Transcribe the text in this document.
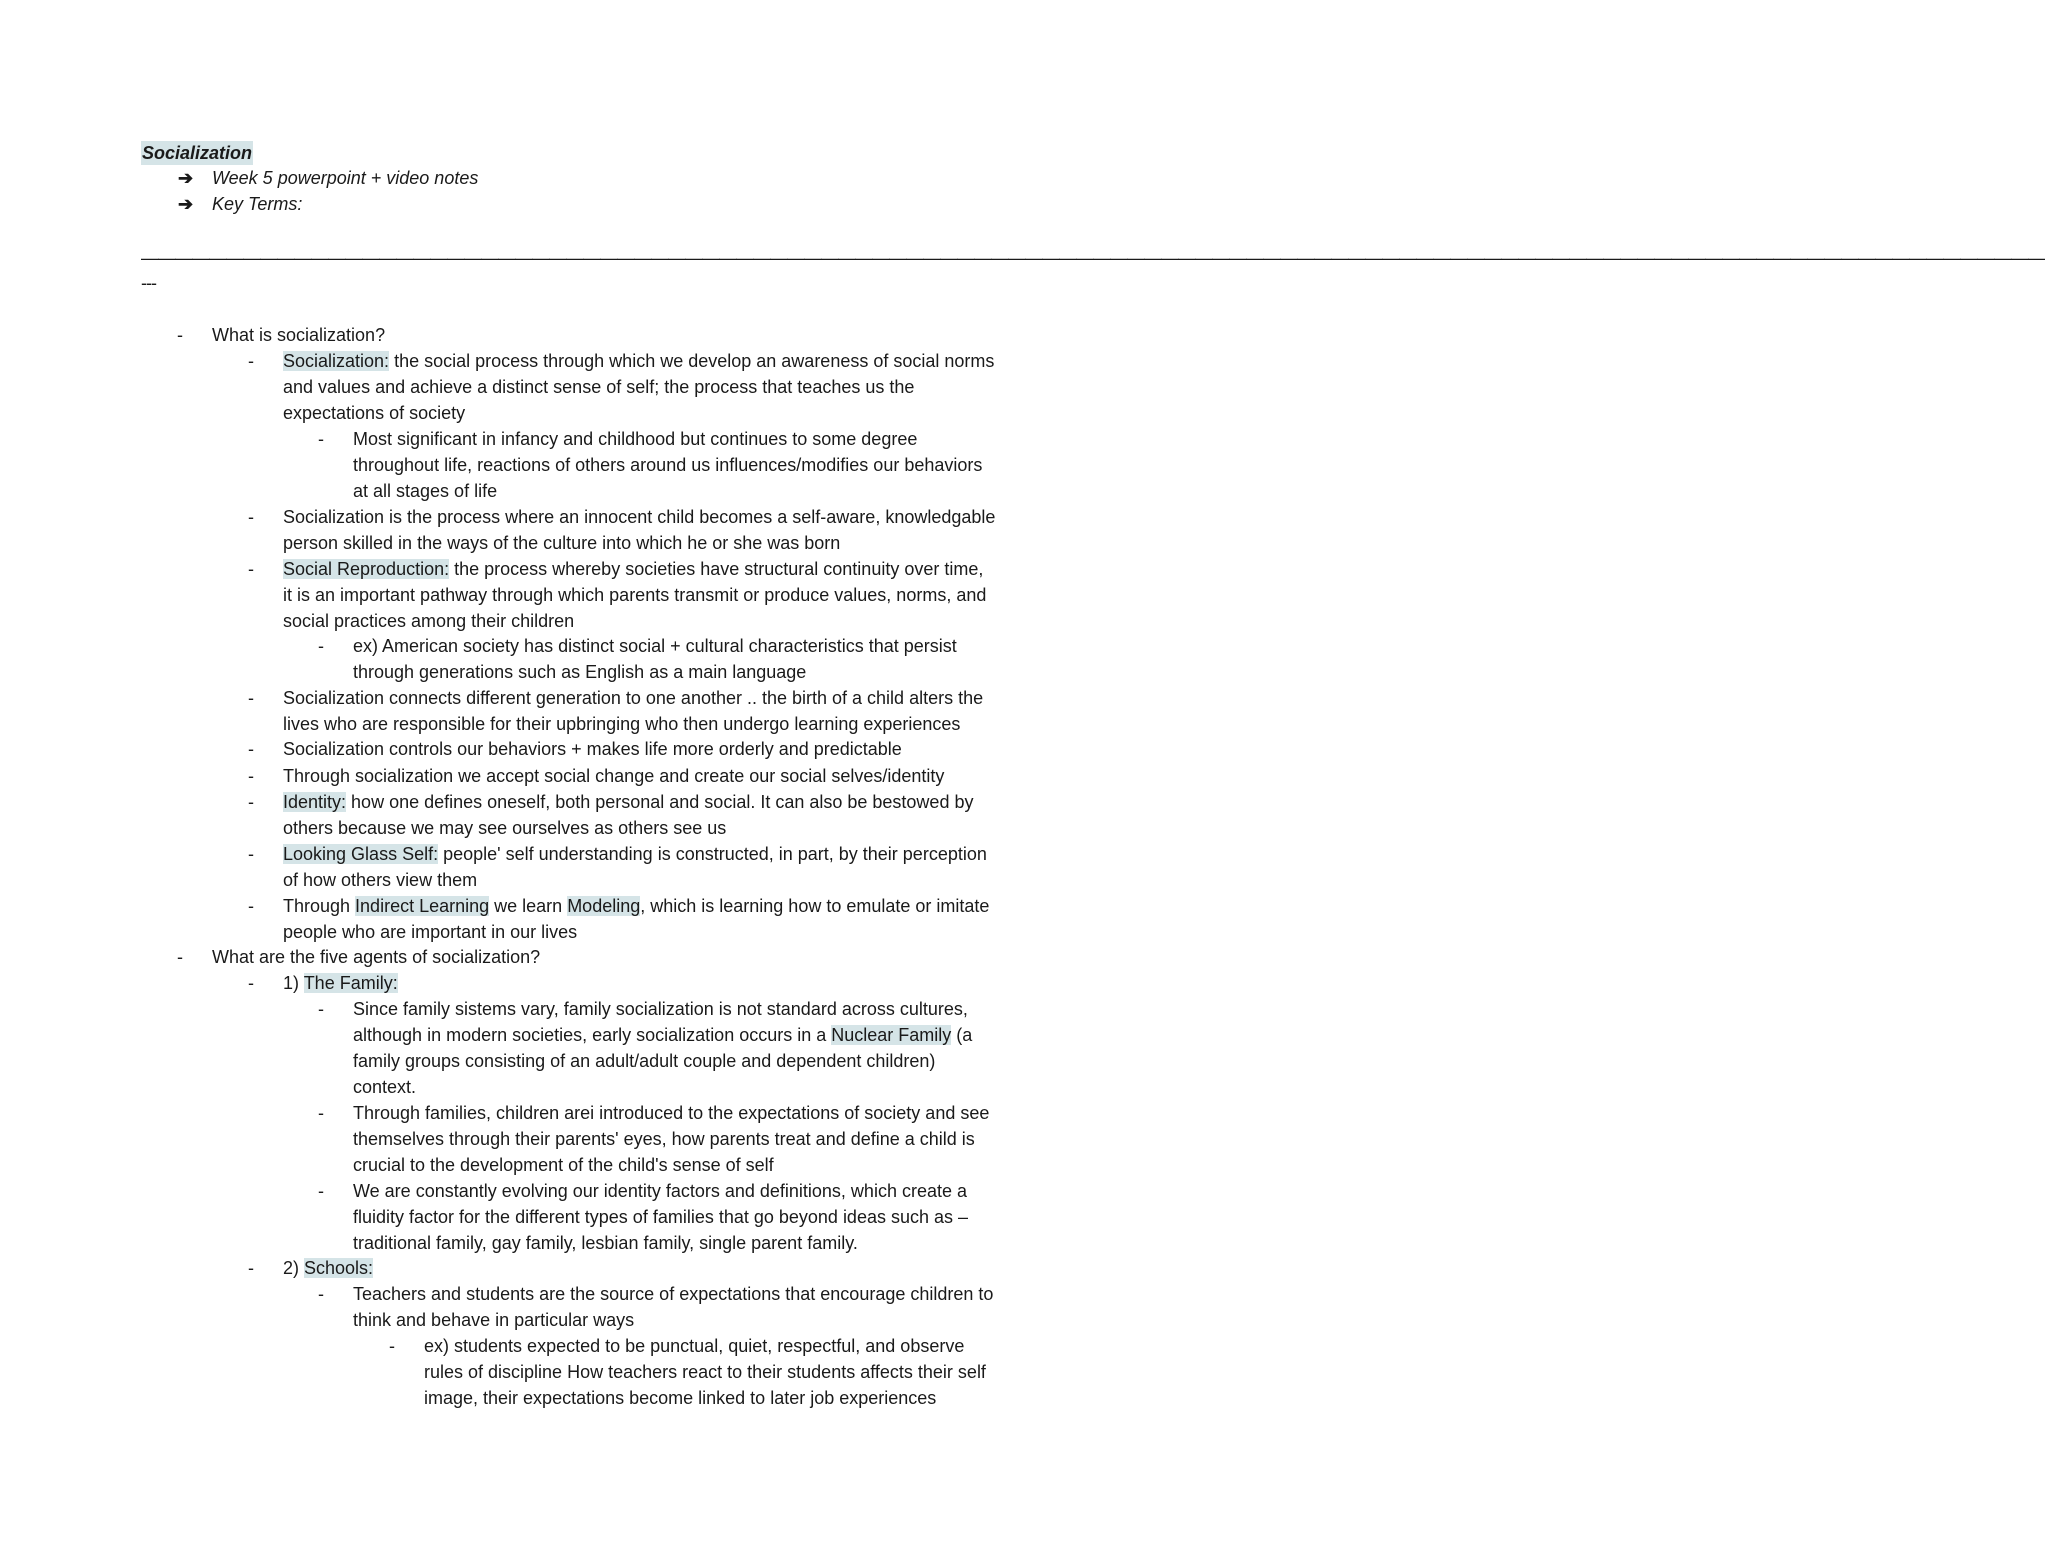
Socialization
➔ Week 5 powerpoint + video notes
➔ Key Terms:
————————————————————————————————————————————————————————————————————————————————————————————————————————————————
---
- What is socialization?
- Socialization: the social process through which we develop an awareness of social norms
and values and achieve a distinct sense of self; the process that teaches us the
expectations of society
- Most significant in infancy and childhood but continues to some degree
throughout life, reactions of others around us influences/modifies our behaviors
at all stages of life
- Socialization is the process where an innocent child becomes a self-aware, knowledgable
person skilled in the ways of the culture into which he or she was born
- Social Reproduction: the process whereby societies have structural continuity over time,
it is an important pathway through which parents transmit or produce values, norms, and
social practices among their children
- ex) American society has distinct social + cultural characteristics that persist
through generations such as English as a main language
- Socialization connects different generation to one another .. the birth of a child alters the
lives who are responsible for their upbringing who then undergo learning experiences
- Socialization controls our behaviors + makes life more orderly and predictable
- Through socialization we accept social change and create our social selves/identity
- Identity: how one defines oneself, both personal and social. It can also be bestowed by
others because we may see ourselves as others see us
- Looking Glass Self: people' self understanding is constructed, in part, by their perception
of how others view them
- Through Indirect Learning we learn Modeling, which is learning how to emulate or imitate
people who are important in our lives
- What are the five agents of socialization?
- 1) The Family:
- Since family sistems vary, family socialization is not standard across cultures,
although in modern societies, early socialization occurs in a Nuclear Family (a
family groups consisting of an adult/adult couple and dependent children)
context.
- Through families, children arei introduced to the expectations of society and see
themselves through their parents' eyes, how parents treat and define a child is
crucial to the development of the child's sense of self
- We are constantly evolving our identity factors and definitions, which create a
fluidity factor for the different types of families that go beyond ideas such as –
traditional family, gay family, lesbian family, single parent family.
- 2) Schools:
- Teachers and students are the source of expectations that encourage children to
think and behave in particular ways
- ex) students expected to be punctual, quiet, respectful, and observe
rules of discipline How teachers react to their students affects their self
image, their expectations become linked to later job experiences
